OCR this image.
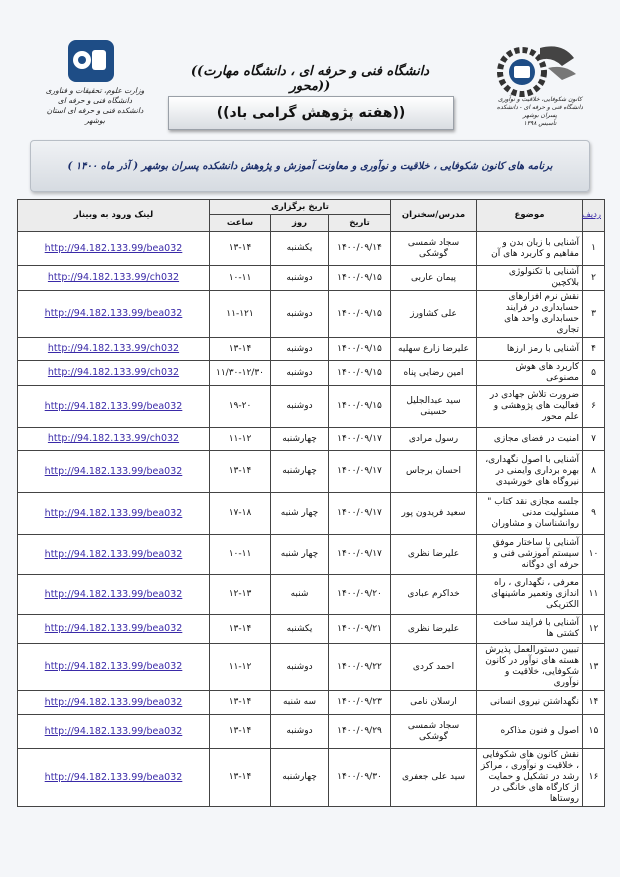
وزارت علوم، تحقیقات و فناوری
دانشگاه فنی و حرفه ای
دانشکده فنی و حرفه ای استان بوشهر
((دانشگاه فنی و حرفه ای ، دانشگاه مهارت محور))
((هفته پژوهش گرامی باد))
کانون شکوفایی، خلاقیت و نوآوری
دانشگاه فنی و حرفه ای - دانشکده پسران بوشهر
تأسیس ۱۳۹۸
برنامه های کانون شکوفایی ، خلاقیت و نوآوری و معاونت آموزش و پژوهش دانشکده پسران بوشهر ( آذر ماه ۱۴۰۰ )
ردیف	موضوع	مدرس/سخنران	تاریخ برگزاری			لینک ورود به وبینار
			تاریخ	روز	ساعت	
۱	آشنایی با زبان بدن و مفاهیم و کاربرد های آن	سجاد شمسی گوشکی	۱۴۰۰/۰۹/۱۴	یکشنبه	۱۳-۱۴	http://94.182.133.99/bea032
۲	آشنایی با تکنولوژی بلاکچین	پیمان عاربی	۱۴۰۰/۰۹/۱۵	دوشنبه	۱۰-۱۱	http://94.182.133.99/ch032
۳	نقش نرم افزارهای حسابداری در فرایند حسابداری واحد های تجاری	علی کشاورز	۱۴۰۰/۰۹/۱۵	دوشنبه	۱۱-۱۲۱	http://94.182.133.99/bea032
۴	آشنایی با رمز ارزها	علیرضا زارع سهلیه	۱۴۰۰/۰۹/۱۵	دوشنبه	۱۳-۱۴	http://94.182.133.99/ch032
۵	کاربرد های هوش مصنوعی	امین رضایی پناه	۱۴۰۰/۰۹/۱۵	دوشنبه	۱۱/۳۰-۱۲/۳۰	http://94.182.133.99/ch032
۶	ضرورت تلاش جهادی در فعالیت های پژوهشی و علم محور	سید عبدالجلیل حسینی	۱۴۰۰/۰۹/۱۵	دوشنبه	۱۹-۲۰	http://94.182.133.99/bea032
۷	امنیت در فضای مجازی	رسول مرادی	۱۴۰۰/۰۹/۱۷	چهارشنبه	۱۱-۱۲	http://94.182.133.99/ch032
۸	آشنایی با اصول نگهداری، بهره برداری وایمنی در نیروگاه های خورشیدی	احسان برجاس	۱۴۰۰/۰۹/۱۷	چهارشنبه	۱۳-۱۴	http://94.182.133.99/bea032
۹	جلسه مجازی نقد کتاب " مسئولیت مدنی روانشناسان و مشاوران	سعید فریدون پور	۱۴۰۰/۰۹/۱۷	چهار شنبه	۱۷-۱۸	http://94.182.133.99/bea032
۱۰	آشنایی با ساختار موفق سیستم آموزشی فنی و حرفه ای دوگانه	علیرضا نظری	۱۴۰۰/۰۹/۱۷	چهار شنبه	۱۰-۱۱	http://94.182.133.99/bea032
۱۱	معرفی ، نگهداری ، راه اندازی وتعمیر ماشینهای الکتریکی	خداکرم عبادی	۱۴۰۰/۰۹/۲۰	شنبه	۱۲-۱۳	http://94.182.133.99/bea032
۱۲	آشنایی با فرایند ساخت کشتی ها	علیرضا نظری	۱۴۰۰/۰۹/۲۱	یکشنبه	۱۳-۱۴	http://94.182.133.99/bea032
۱۳	تبیین دستورالعمل پذیرش هسته های نوآور در کانون شکوفایی، خلاقیت و نوآوری	احمد کردی	۱۴۰۰/۰۹/۲۲	دوشنبه	۱۱-۱۲	http://94.182.133.99/bea032
۱۴	نگهداشتن نیروی انسانی	ارسلان نامی	۱۴۰۰/۰۹/۲۳	سه شنبه	۱۳-۱۴	http://94.182.133.99/bea032
۱۵	اصول و فنون مذاکره	سجاد شمسی گوشکی	۱۴۰۰/۰۹/۲۹	دوشنبه	۱۳-۱۴	http://94.182.133.99/bea032
۱۶	نقش کانون های شکوفایی ، خلاقیت و نوآوری ، مراکز رشد در تشکیل و حمایت از کارگاه های خانگی در روستاها	سید علی جعفری	۱۴۰۰/۰۹/۳۰	چهارشنبه	۱۳-۱۴	http://94.182.133.99/bea032
